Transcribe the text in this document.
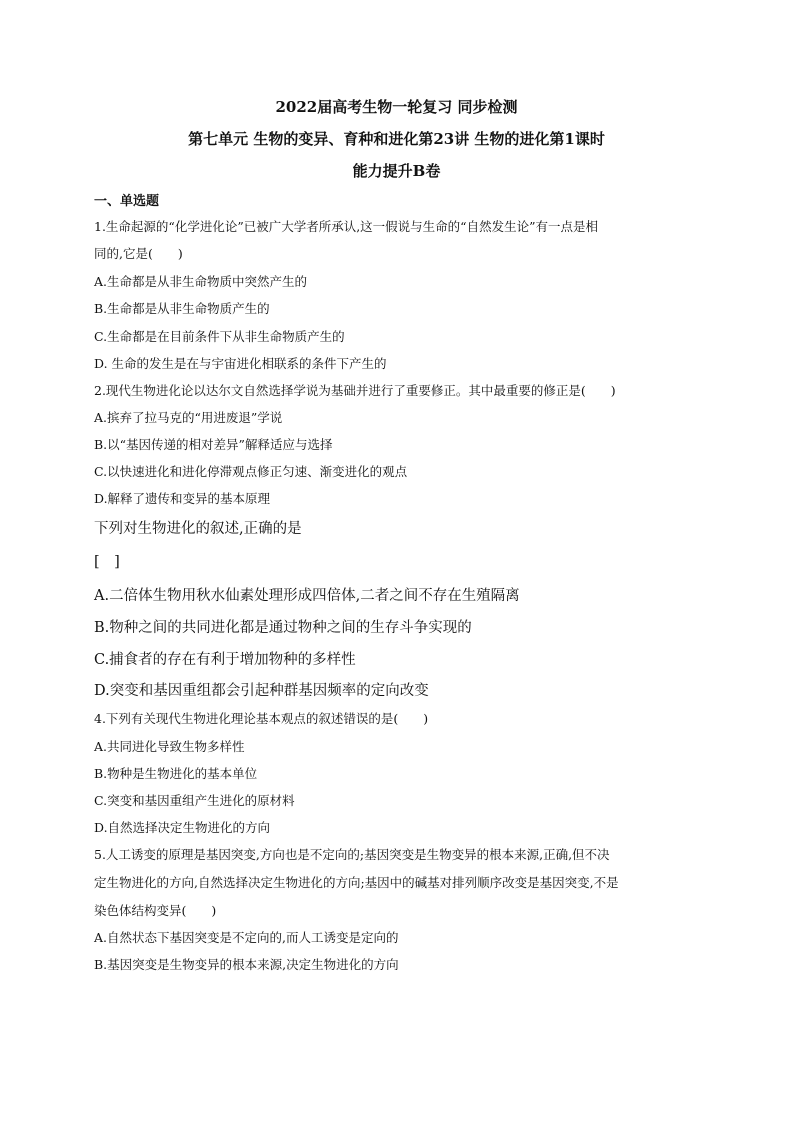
2022届高考生物一轮复习 同步检测
第七单元 生物的变异、育种和进化第23讲 生物的进化第1课时
能力提升B卷
一、单选题
1.生命起源的“化学进化论”已被广大学者所承认,这一假说与生命的“自然发生论”有一点是相
同的,它是(　　)
A.生命都是从非生命物质中突然产生的
B.生命都是从非生命物质产生的
C.生命都是在目前条件下从非生命物质产生的
D. 生命的发生是在与宇宙进化相联系的条件下产生的
2.现代生物进化论以达尔文自然选择学说为基础并进行了重要修正。其中最重要的修正是(　　)
A.摈弃了拉马克的“用进废退”学说
B.以“基因传递的相对差异”解释适应与选择
C.以快速进化和进化停滞观点修正匀速、渐变进化的观点
D.解释了遗传和变异的基本原理
下列对生物进化的叙述,正确的是
[　]
A.二倍体生物用秋水仙素处理形成四倍体,二者之间不存在生殖隔离
B.物种之间的共同进化都是通过物种之间的生存斗争实现的
C.捕食者的存在有利于增加物种的多样性
D.突变和基因重组都会引起种群基因频率的定向改变
4.下列有关现代生物进化理论基本观点的叙述错误的是(　　)
A.共同进化导致生物多样性
B.物种是生物进化的基本单位
C.突变和基因重组产生进化的原材料
D.自然选择决定生物进化的方向
5.人工诱变的原理是基因突变,方向也是不定向的;基因突变是生物变异的根本来源,正确,但不决
定生物进化的方向,自然选择决定生物进化的方向;基因中的碱基对排列顺序改变是基因突变,不是
染色体结构变异(　　)
A.自然状态下基因突变是不定向的,而人工诱变是定向的
B.基因突变是生物变异的根本来源,决定生物进化的方向
